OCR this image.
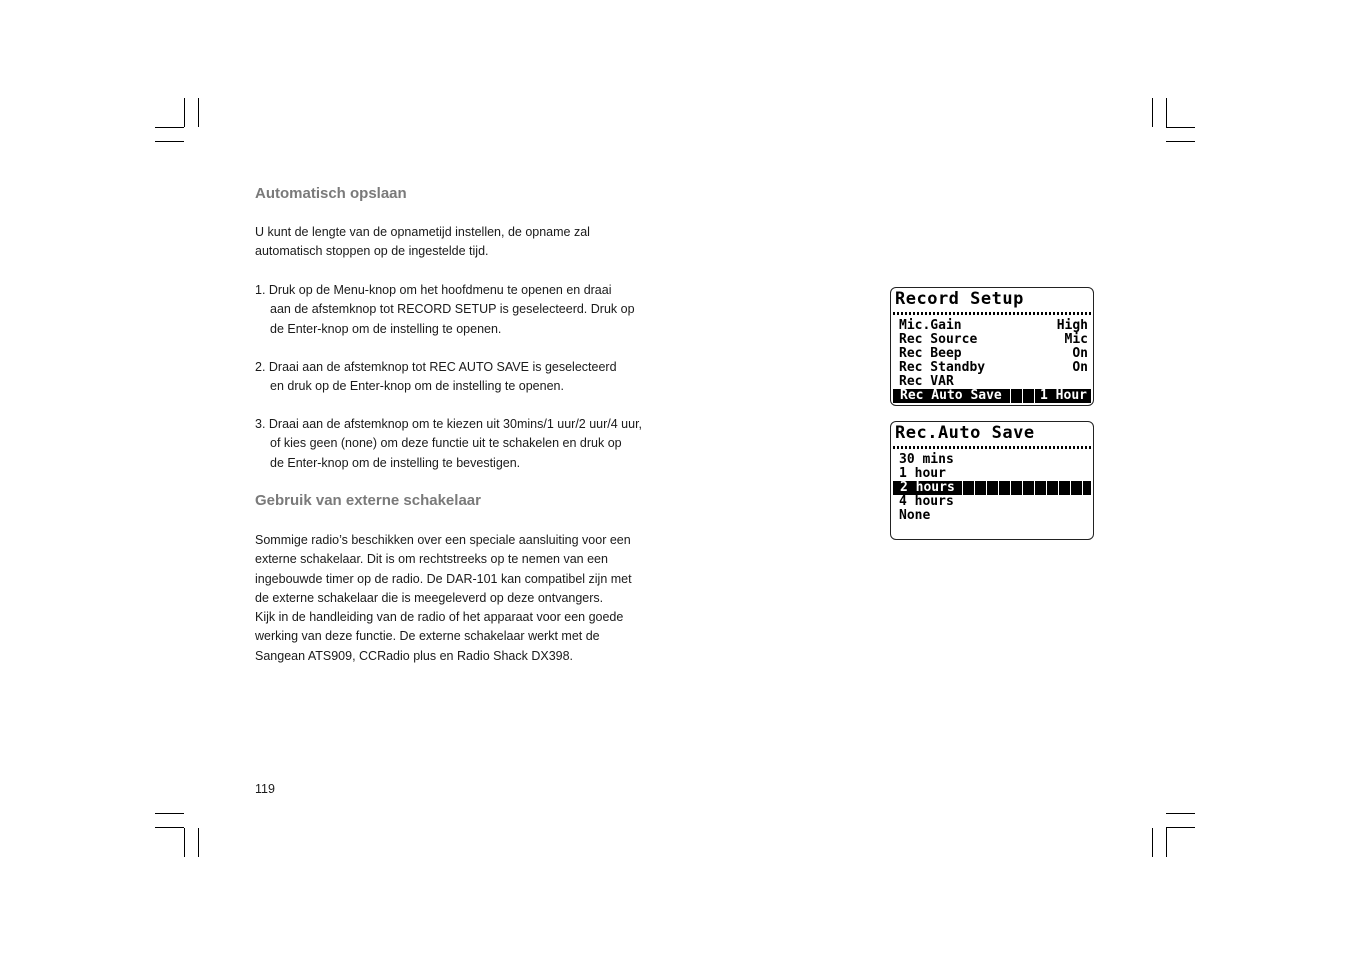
Automatisch opslaan
U kunt de lengte van de opnametijd instellen, de opname zal
automatisch stoppen op de ingestelde tijd.
1. Druk op de Menu-knop om het hoofdmenu te openen en draai
aan de afstemknop tot RECORD SETUP is geselecteerd. Druk op
de Enter-knop om de instelling te openen.
2. Draai aan de afstemknop tot REC AUTO SAVE is geselecteerd
en druk op de Enter-knop om de instelling te openen.
3. Draai aan de afstemknop om te kiezen uit 30mins/1 uur/2 uur/4 uur,
of kies geen (none) om deze functie uit te schakelen en druk op
de Enter-knop om de instelling te bevestigen.
Gebruik van externe schakelaar
Sommige radio’s beschikken over een speciale aansluiting voor een
externe schakelaar. Dit is om rechtstreeks op te nemen van een
ingebouwde timer op de radio. De DAR-101 kan compatibel zijn met
de externe schakelaar die is meegeleverd op deze ontvangers.
Kijk in de handleiding van de radio of het apparaat voor een goede
werking van deze functie. De externe schakelaar werkt met de
Sangean ATS909, CCRadio plus en Radio Shack DX398.
119
Record Setup
Mic.Gain	High
Rec Source	Mic
Rec Beep	On
Rec Standby	On
Rec VAR
Rec Auto Save	1 Hour
Rec.Auto Save
30 mins
1 hour
2 hours
4 hours
None
